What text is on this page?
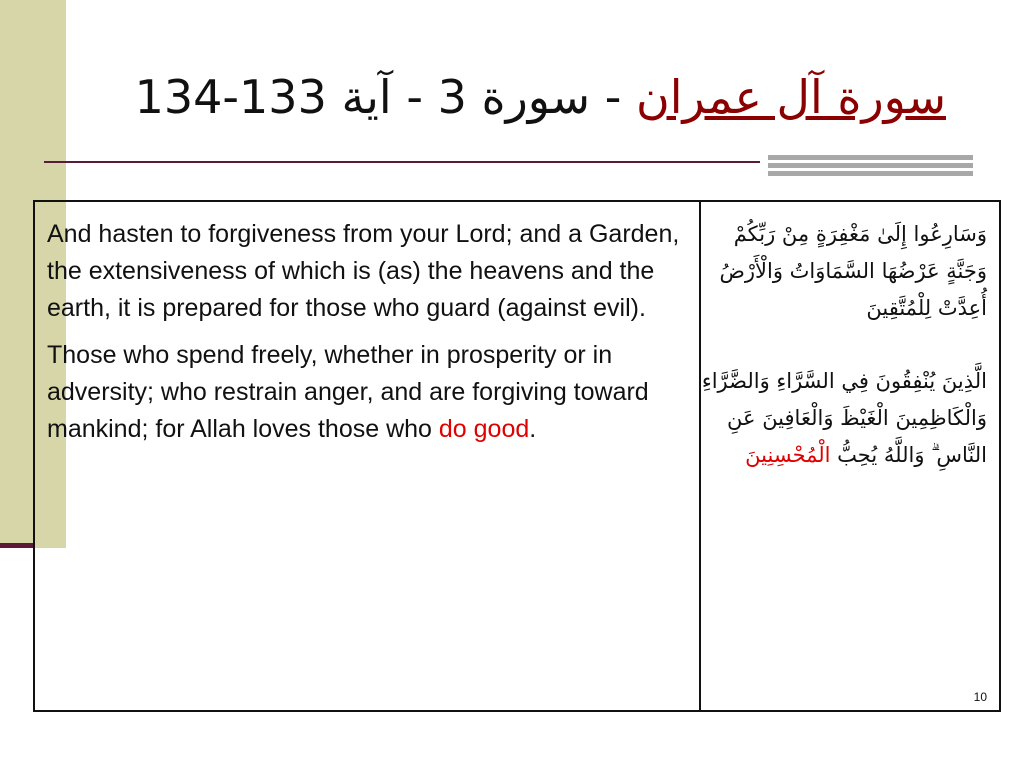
سورة آل عمران - سورة 3 - آية 133-134

And hasten to forgiveness from your Lord; and a Garden, the extensiveness of which is (as) the heavens and the earth, it is prepared for those who guard (against evil).

Those who spend freely, whether in prosperity or in adversity; who restrain anger, and are forgiving toward mankind; for Allah loves those who do good.

وَسَارِعُوا إِلَىٰ مَغْفِرَةٍ مِنْ رَبِّكُمْ وَجَنَّةٍ عَرْضُهَا السَّمَاوَاتُ وَالْأَرْضُ أُعِدَّتْ لِلْمُتَّقِينَ

الَّذِينَ يُنْفِقُونَ فِي السَّرَّاءِ وَالضَّرَّاءِ وَالْكَاظِمِينَ الْغَيْظَ وَالْعَافِينَ عَنِ النَّاسِ ۗ وَاللَّهُ يُحِبُّ الْمُحْسِنِينَ

10
